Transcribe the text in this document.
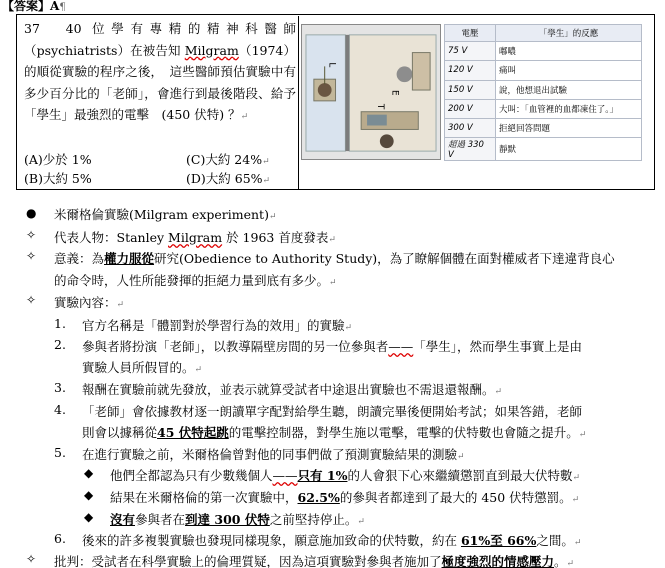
【答案】A¶
37　40 位學有專精的精神科醫師（psychiatrists）在被告知 Milgram（1974）的順從實驗的程序之後，　這些醫師預估實驗中有多少百分比的「老師」，會進行到最後階段、給予「學生」最強烈的電擊　(450 伏特) ？↵
(A)少於 1%	(C)大約 24%↵
(B)大約 5%	(D)大約 65%↵
L
E
T
電壓	「學生」的反應
75 V	嘟噥
120 V	痛叫
150 V	說，他想退出試驗
200 V	大叫：「血管裡的血都凍住了。」
300 V	拒絕回答問題
超過 330 V	靜默
● 米爾格倫實驗(Milgram experiment)↵
✧ 代表人物：Stanley Milgram 於 1963 首度發表↵
✧ 意義：為權力服從研究(Obedience to Authority Study)，為了瞭解個體在面對權威者下達違背良心
的命令時，人性所能發揮的拒絕力量到底有多少。↵
✧ 實驗內容：↵
1. 官方名稱是「體罰對於學習行為的效用」的實驗↵
2. 參與者將扮演「老師」，以教導隔壁房間的另一位參與者——「學生」，然而學生事實上是由
實驗人員所假冒的。↵
3. 報酬在實驗前就先發放，並表示就算受試者中途退出實驗也不需退還報酬。↵
4. 「老師」會依據教材逐一朗讀單字配對給學生聽，朗讀完畢後便開始考試；如果答錯，老師
則會以據稱從45 伏特起跳的電擊控制器，對學生施以電擊，電擊的伏特數也會隨之提升。↵
5. 在進行實驗之前，米爾格倫曾對他的同事們做了預測實驗結果的測驗↵
◆ 他們全都認為只有少數幾個人——只有 1%的人會狠下心來繼續懲罰直到最大伏特數↵
◆ 結果在米爾格倫的第一次實驗中，62.5%的參與者都達到了最大的 450 伏特懲罰。↵
◆ 沒有參與者在到達 300 伏特之前堅持停止。↵
6. 後來的許多複製實驗也發現同樣現象，願意施加致命的伏特數，約在 61%至 66%之間。↵
✧ 批判：受試者在科學實驗上的倫理質疑，因為這項實驗對參與者施加了極度強烈的情感壓力。↵
